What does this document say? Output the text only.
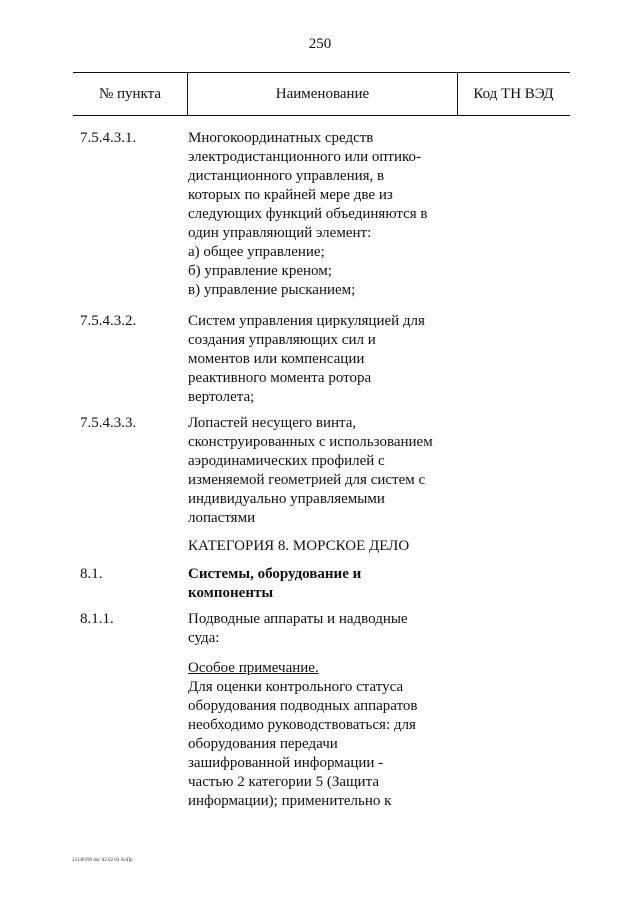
250
№ пункта	Наименование	Код ТН ВЭД
7.5.4.3.1.	Многокоординатных средств
электродистанционного или оптико-
дистанционного управления, в
которых по крайней мере две из
следующих функций объединяются в
один управляющий элемент:
а) общее управление;
б) управление креном;
в) управление рысканием;
7.5.4.3.2.	Систем управления циркуляцией для
создания управляющих сил и
моментов или компенсации
реактивного момента ротора
вертолета;
7.5.4.3.3.	Лопастей несущего винта,
сконструированных с использованием
аэродинамических профилей с
изменяемой геометрией для систем с
индивидуально управляемыми
лопастями
КАТЕГОРИЯ 8. МОРСКОЕ ДЕЛО
8.1.	Системы, оборудование и
компоненты
8.1.1.	Подводные аппараты и надводные
суда:
Особое примечание.
Для оценки контрольного статуса
оборудования подводных аппаратов
необходимо руководствоваться: для
оборудования передачи
зашифрованной информации -
частью 2 категории 5 (Защита
информации); применительно к
23140399 doc 02 02 04 АлПр
